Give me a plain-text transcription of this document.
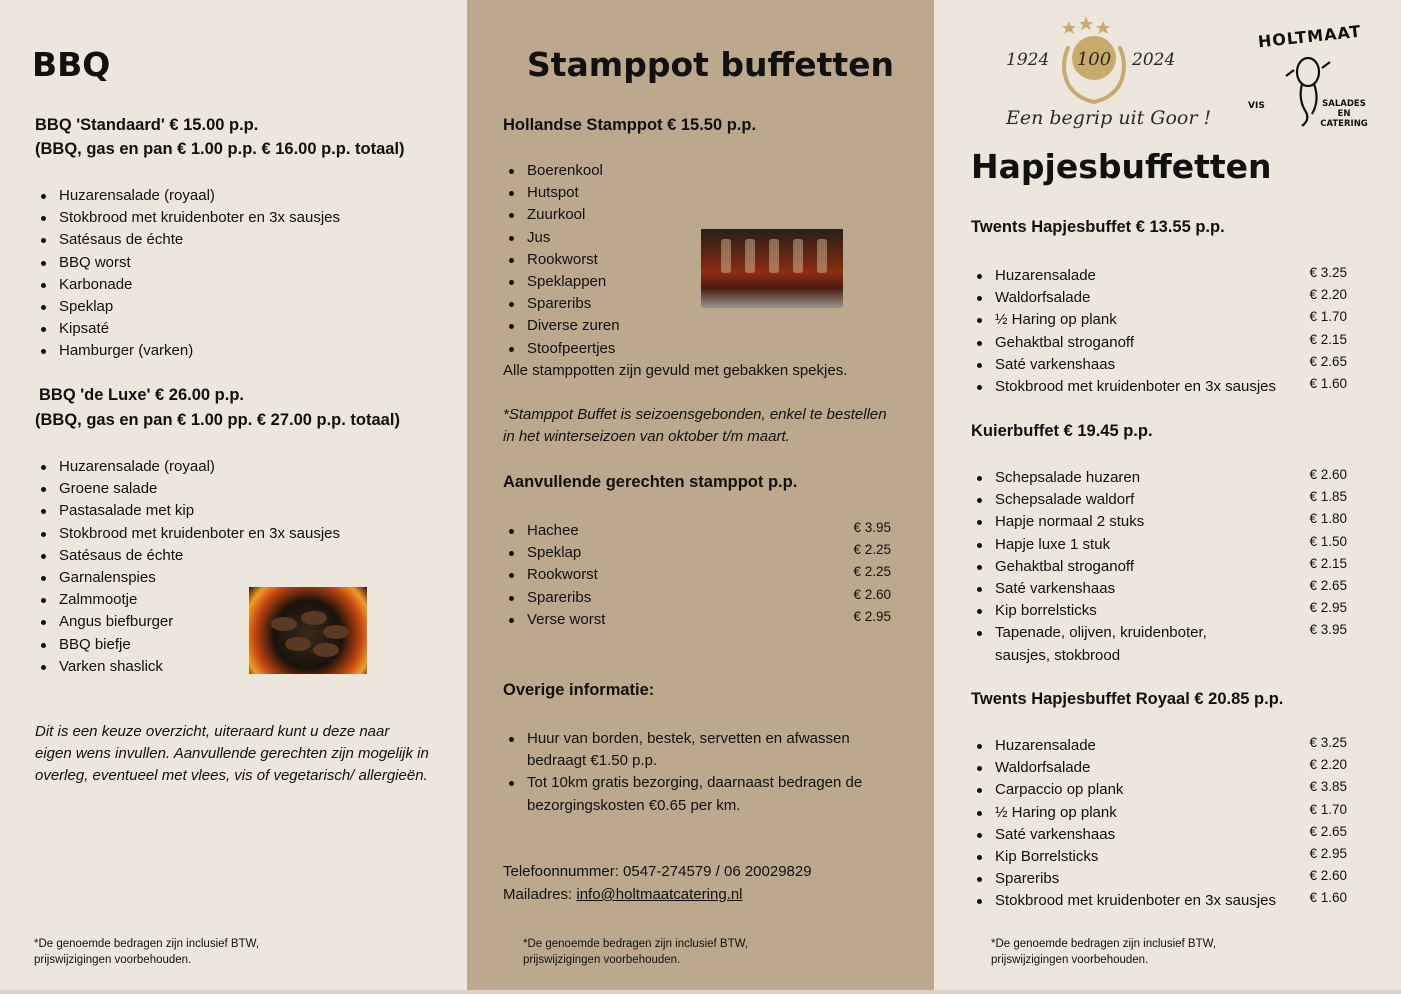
BBQ

BBQ 'Standaard' € 15.00 p.p.

(BBQ, gas en pan € 1.00 p.p. € 16.00 p.p. totaal)

Huzarensalade (royaal)
Stokbrood met kruidenboter en 3x sausjes
Satésaus de échte
BBQ worst
Karbonade
Speklap
Kipsaté
Hamburger (varken)

BBQ 'de Luxe' € 26.00 p.p.

(BBQ, gas en pan € 1.00 pp. € 27.00 p.p. totaal)

Huzarensalade (royaal)
Groene salade
Pastasalade met kip
Stokbrood met kruidenboter en 3x sausjes
Satésaus de échte
Garnalenspies
Zalmmootje
Angus biefburger
BBQ biefje
Varken shaslick

Dit is een keuze overzicht, uiteraard kunt u deze naar eigen wens invullen. Aanvullende gerechten zijn mogelijk in overleg, eventueel met vlees, vis of vegetarisch/ allergieën.

*De genoemde bedragen zijn inclusief BTW, prijswijzigingen voorbehouden.

Stamppot buffetten

Hollandse Stamppot € 15.50 p.p.

Boerenkool
Hutspot
Zuurkool
Jus
Rookworst
Speklappen
Spareribs
Diverse zuren
Stoofpeertjes

Alle stamppotten zijn gevuld met gebakken spekjes.

*Stamppot Buffet is seizoensgebonden, enkel te bestellen in het winterseizoen van oktober t/m maart.

Aanvullende gerechten stamppot p.p.

Hachee	€ 3.95
Speklap	€ 2.25
Rookworst	€ 2.25
Spareribs	€ 2.60
Verse worst	€ 2.95

Overige informatie:

Huur van borden, bestek, servetten en afwassen bedraagt €1.50 p.p.
Tot 10km gratis bezorging, daarnaast bedragen de bezorgingskosten €0.65 per km.

Telefoonnummer: 0547-274579 / 06 20029829

Mailadres: info@holtmaatcatering.nl

*De genoemde bedragen zijn inclusief BTW, prijswijzigingen voorbehouden.

100
1924	2024
Een begrip uit Goor !
HOLTMAAT
VIS	SALADES
EN
CATERING
Hapjesbuffetten

Twents Hapjesbuffet € 13.55 p.p.

Huzarensalade	€ 3.25
Waldorfsalade	€ 2.20
½ Haring op plank	€ 1.70
Gehaktbal stroganoff	€ 2.15
Saté varkenshaas	€ 2.65
Stokbrood met kruidenboter en 3x sausjes € 1.60

Kuierbuffet € 19.45 p.p.

Schepsalade huzaren	€ 2.60
Schepsalade waldorf	€ 1.85
Hapje normaal 2 stuks	€ 1.80
Hapje luxe 1 stuk	€ 1.50
Gehaktbal stroganoff	€ 2.15
Saté varkenshaas	€ 2.65
Kip borrelsticks	€ 2.95
Tapenade, olijven, kruidenboter, sausjes, stokbrood
€ 3.95

Twents Hapjesbuffet Royaal € 20.85 p.p.

Huzarensalade	€ 3.25
Waldorfsalade	€ 2.20
Carpaccio op plank	€ 3.85
½ Haring op plank	€ 1.70
Saté varkenshaas	€ 2.65
Kip Borrelsticks	€ 2.95
Spareribs	€ 2.60
Stokbrood met kruidenboter en 3x sausjes € 1.60

*De genoemde bedragen zijn inclusief BTW, prijswijzigingen voorbehouden.
